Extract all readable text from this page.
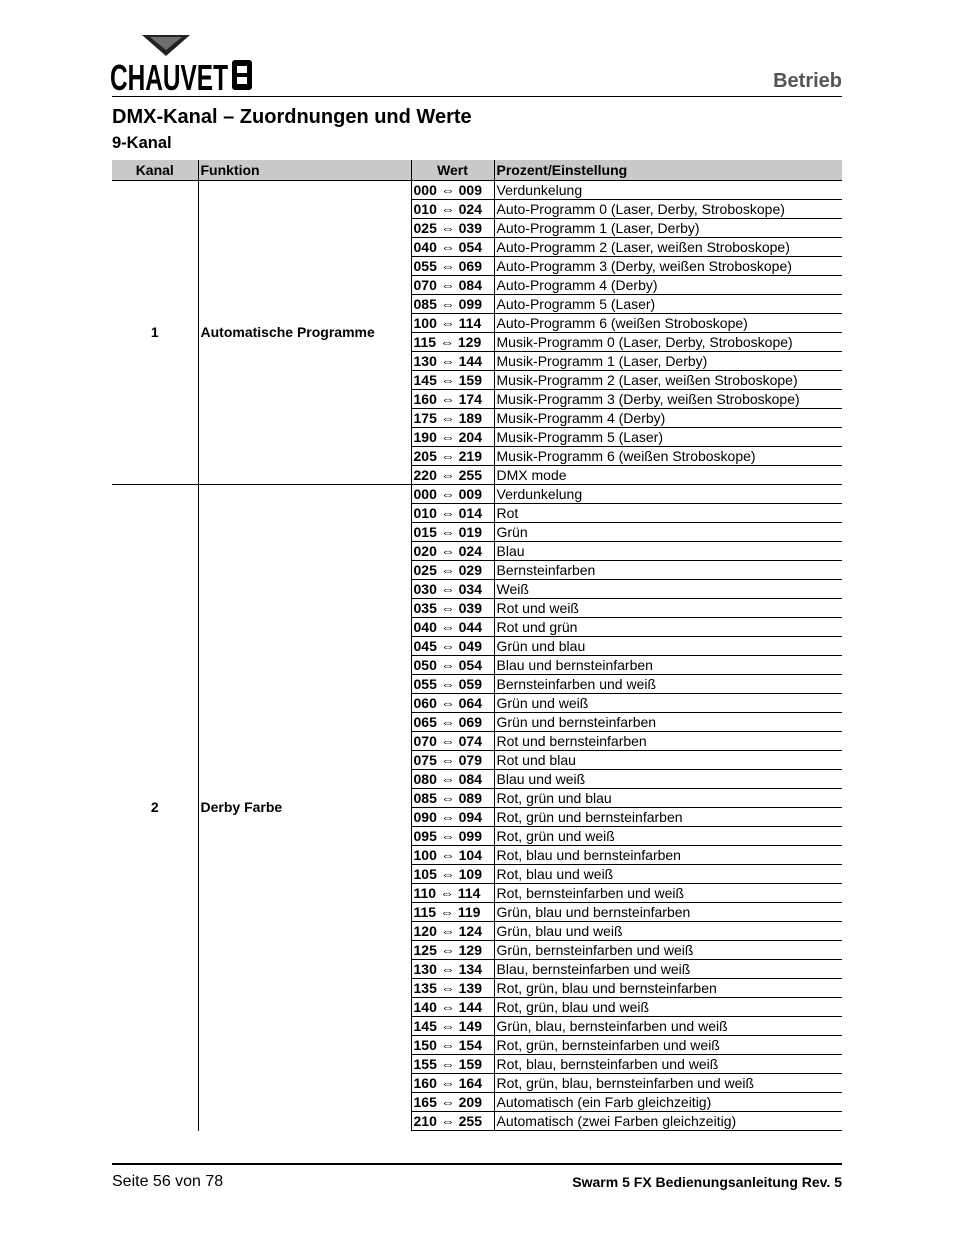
CHAUVET	Betrieb
DMX-Kanal – Zuordnungen und Werte
9-Kanal
Kanal	Funktion	Wert	Prozent/Einstellung
1	Automatische Programme	000 ⇔ 009	Verdunkelung
		010 ⇔ 024	Auto-Programm 0 (Laser, Derby, Stroboskope)
		025 ⇔ 039	Auto-Programm 1 (Laser, Derby)
		040 ⇔ 054	Auto-Programm 2 (Laser, weißen Stroboskope)
		055 ⇔ 069	Auto-Programm 3 (Derby, weißen Stroboskope)
		070 ⇔ 084	Auto-Programm 4 (Derby)
		085 ⇔ 099	Auto-Programm 5 (Laser)
		100 ⇔ 114	Auto-Programm 6 (weißen Stroboskope)
		115 ⇔ 129	Musik-Programm 0 (Laser, Derby, Stroboskope)
		130 ⇔ 144	Musik-Programm 1 (Laser, Derby)
		145 ⇔ 159	Musik-Programm 2 (Laser, weißen Stroboskope)
		160 ⇔ 174	Musik-Programm 3 (Derby, weißen Stroboskope)
		175 ⇔ 189	Musik-Programm 4 (Derby)
		190 ⇔ 204	Musik-Programm 5 (Laser)
		205 ⇔ 219	Musik-Programm 6 (weißen Stroboskope)
		220 ⇔ 255	DMX mode
2	Derby Farbe	000 ⇔ 009	Verdunkelung
		010 ⇔ 014	Rot
		015 ⇔ 019	Grün
		020 ⇔ 024	Blau
		025 ⇔ 029	Bernsteinfarben
		030 ⇔ 034	Weiß
		035 ⇔ 039	Rot und weiß
		040 ⇔ 044	Rot und grün
		045 ⇔ 049	Grün und blau
		050 ⇔ 054	Blau und bernsteinfarben
		055 ⇔ 059	Bernsteinfarben und weiß
		060 ⇔ 064	Grün und weiß
		065 ⇔ 069	Grün und bernsteinfarben
		070 ⇔ 074	Rot und bernsteinfarben
		075 ⇔ 079	Rot und blau
		080 ⇔ 084	Blau und weiß
		085 ⇔ 089	Rot, grün und blau
		090 ⇔ 094	Rot, grün und bernsteinfarben
		095 ⇔ 099	Rot, grün und weiß
		100 ⇔ 104	Rot, blau und bernsteinfarben
		105 ⇔ 109	Rot, blau und weiß
		110 ⇔ 114	Rot, bernsteinfarben und weiß
		115 ⇔ 119	Grün, blau und bernsteinfarben
		120 ⇔ 124	Grün, blau und weiß
		125 ⇔ 129	Grün, bernsteinfarben und weiß
		130 ⇔ 134	Blau, bernsteinfarben und weiß
		135 ⇔ 139	Rot, grün, blau und bernsteinfarben
		140 ⇔ 144	Rot, grün, blau und weiß
		145 ⇔ 149	Grün, blau, bernsteinfarben und weiß
		150 ⇔ 154	Rot, grün, bernsteinfarben und weiß
		155 ⇔ 159	Rot, blau, bernsteinfarben und weiß
		160 ⇔ 164	Rot, grün, blau, bernsteinfarben und weiß
		165 ⇔ 209	Automatisch (ein Farb gleichzeitig)
		210 ⇔ 255	Automatisch (zwei Farben gleichzeitig)
Seite 56 von 78	Swarm 5 FX Bedienungsanleitung Rev. 5
